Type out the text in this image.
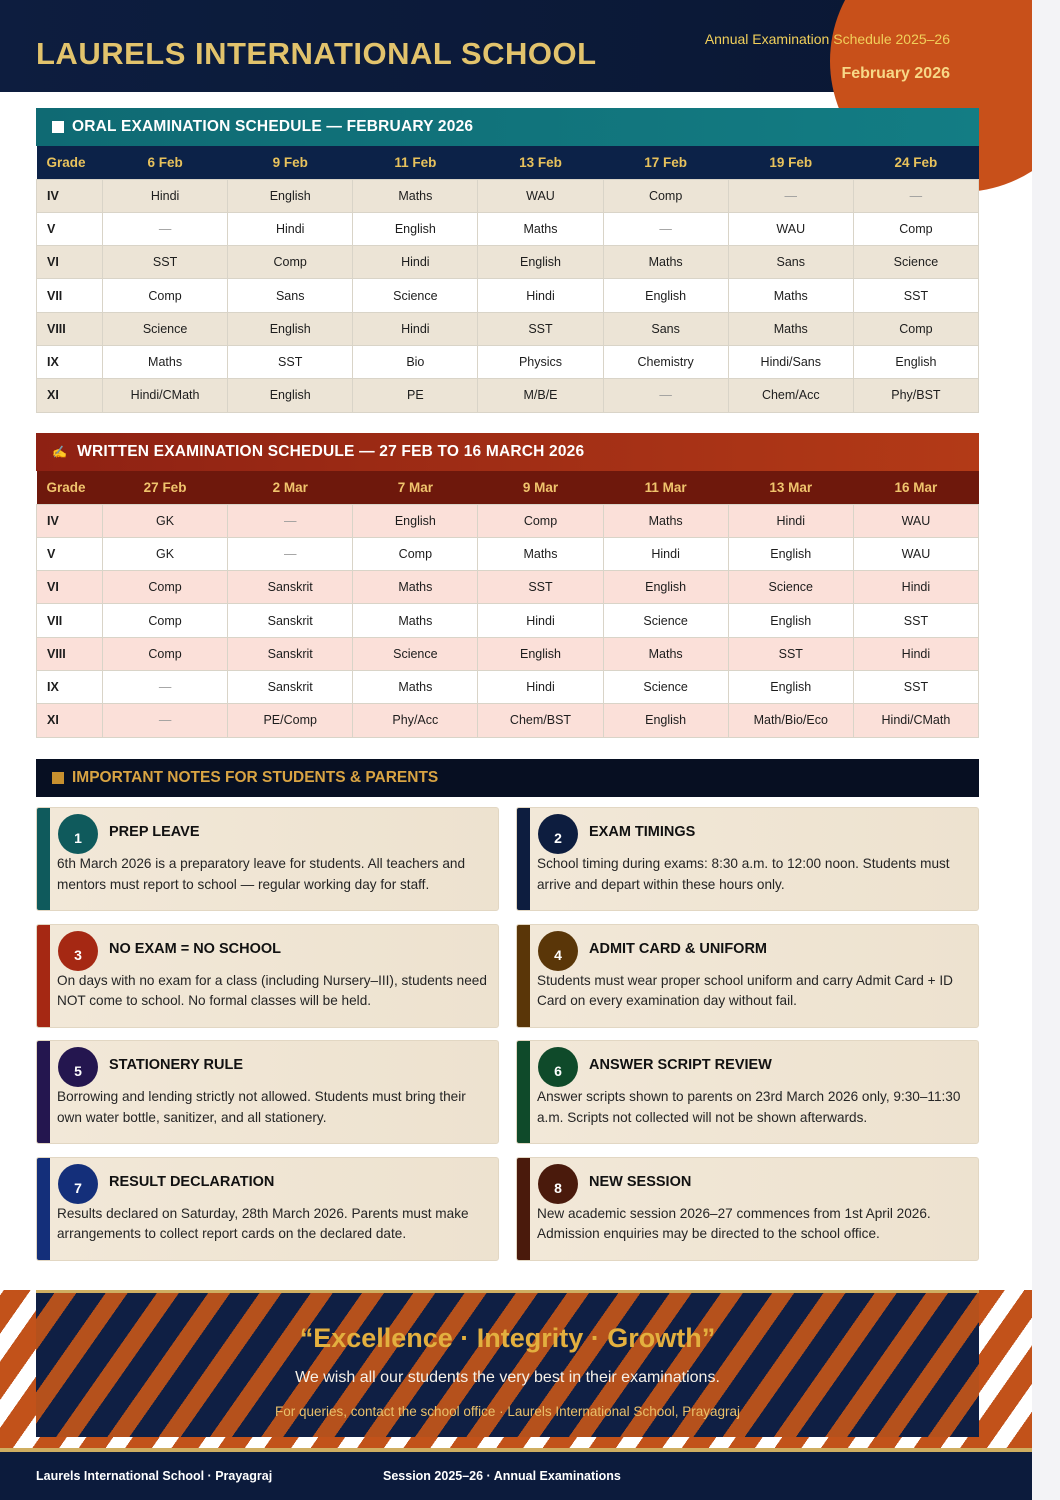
LAURELS INTERNATIONAL SCHOOL	Annual Examination Schedule 2025–26
February 2026
ORAL EXAMINATION SCHEDULE — FEBRUARY 2026
Grade	6 Feb	9 Feb	11 Feb	13 Feb	17 Feb	19 Feb	24 Feb
IV	Hindi	English	Maths	WAU	Comp	—	—
V	—	Hindi	English	Maths	—	WAU	Comp
VI	SST	Comp	Hindi	English	Maths	Sans	Science
VII	Comp	Sans	Science	Hindi	English	Maths	SST
VIII	Science	English	Hindi	SST	Sans	Maths	Comp
IX	Maths	SST	Bio	Physics	Chemistry	Hindi/Sans	English
XI	Hindi/CMath	English	PE	M/B/E	—	Chem/Acc	Phy/BST
✍ WRITTEN EXAMINATION SCHEDULE — 27 FEB TO 16 MARCH 2026
Grade	27 Feb	2 Mar	7 Mar	9 Mar	11 Mar	13 Mar	16 Mar
IV	GK	—	English	Comp	Maths	Hindi	WAU
V	GK	—	Comp	Maths	Hindi	English	WAU
VI	Comp	Sanskrit	Maths	SST	English	Science	Hindi
VII	Comp	Sanskrit	Maths	Hindi	Science	English	SST
VIII	Comp	Sanskrit	Science	English	Maths	SST	Hindi
IX	—	Sanskrit	Maths	Hindi	Science	English	SST
XI	—	PE/Comp	Phy/Acc	Chem/BST	English	Math/Bio/Eco	Hindi/CMath
IMPORTANT NOTES FOR STUDENTS & PARENTS
1	PREP LEAVE
6th March 2026 is a preparatory leave for students. All teachers and mentors must report to school — regular working day for staff.
2	EXAM TIMINGS
School timing during exams: 8:30 a.m. to 12:00 noon. Students must arrive and depart within these hours only.
3	NO EXAM = NO SCHOOL
On days with no exam for a class (including Nursery–III), students need NOT come to school. No formal classes will be held.
4	ADMIT CARD & UNIFORM
Students must wear proper school uniform and carry Admit Card + ID Card on every examination day without fail.
5	STATIONERY RULE
Borrowing and lending strictly not allowed. Students must bring their own water bottle, sanitizer, and all stationery.
6	ANSWER SCRIPT REVIEW
Answer scripts shown to parents on 23rd March 2026 only, 9:30–11:30 a.m. Scripts not collected will not be shown afterwards.
7	RESULT DECLARATION
Results declared on Saturday, 28th March 2026. Parents must make arrangements to collect report cards on the declared date.
8	NEW SESSION
New academic session 2026–27 commences from 1st April 2026. Admission enquiries may be directed to the school office.
“Excellence · Integrity · Growth”
We wish all our students the very best in their examinations.
For queries, contact the school office · Laurels International School, Prayagraj
Laurels International School · Prayagraj	Session 2025–26 · Annual Examinations
